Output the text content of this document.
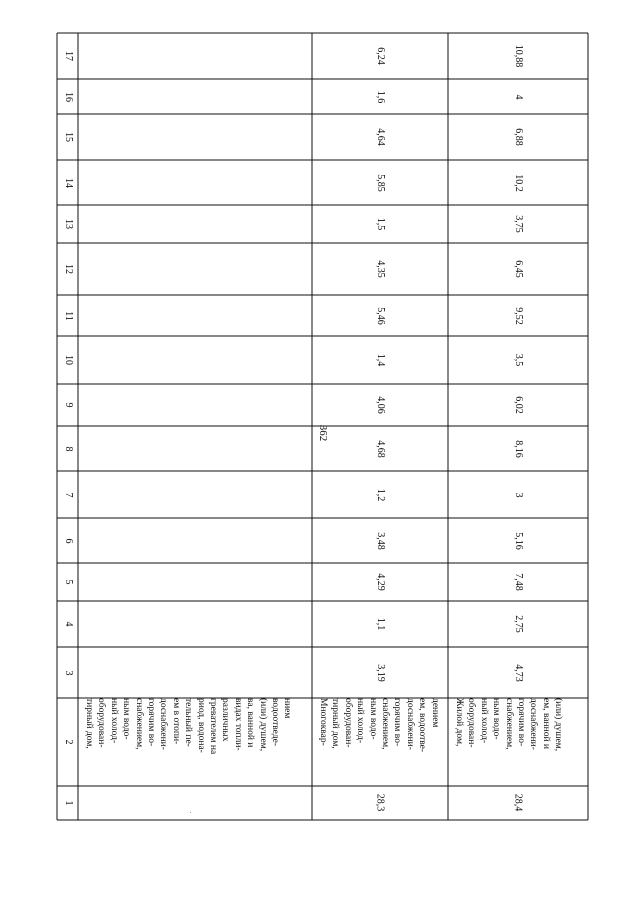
362
1
2
3
4
5
6
7
8
9
10
11
12
13
14
15
16
17
тирный дом, оборудован- ный холод- ным водо- снабжением, горячим во- доснабжени- ем в отопи- тельный пе- риод, водона- гревателем на различных видах топли- ва, ванной и (или) душем, водоотведе- нием	Многоквар- тирный дом, оборудован- ный холод- ным водо- снабжением, горячим во- доснабжени- ем, водоотве- дением
28,3
3,19
1,1
4,29
3,48
1,2
4,68
4,06
1,4
5,46
4,35
1,5
5,85
4,64
1,6
6,24
Жилой дом, оборудован- ный холод- ным водо- снабжением, горячим во- доснабжени- ем, ванной и (или) душем,
28,4
4,73
2,75
7,48
5,16
3
8,16
6,02
3,5
9,52
6,45
3,75
10,2
6,88
4
10,88
